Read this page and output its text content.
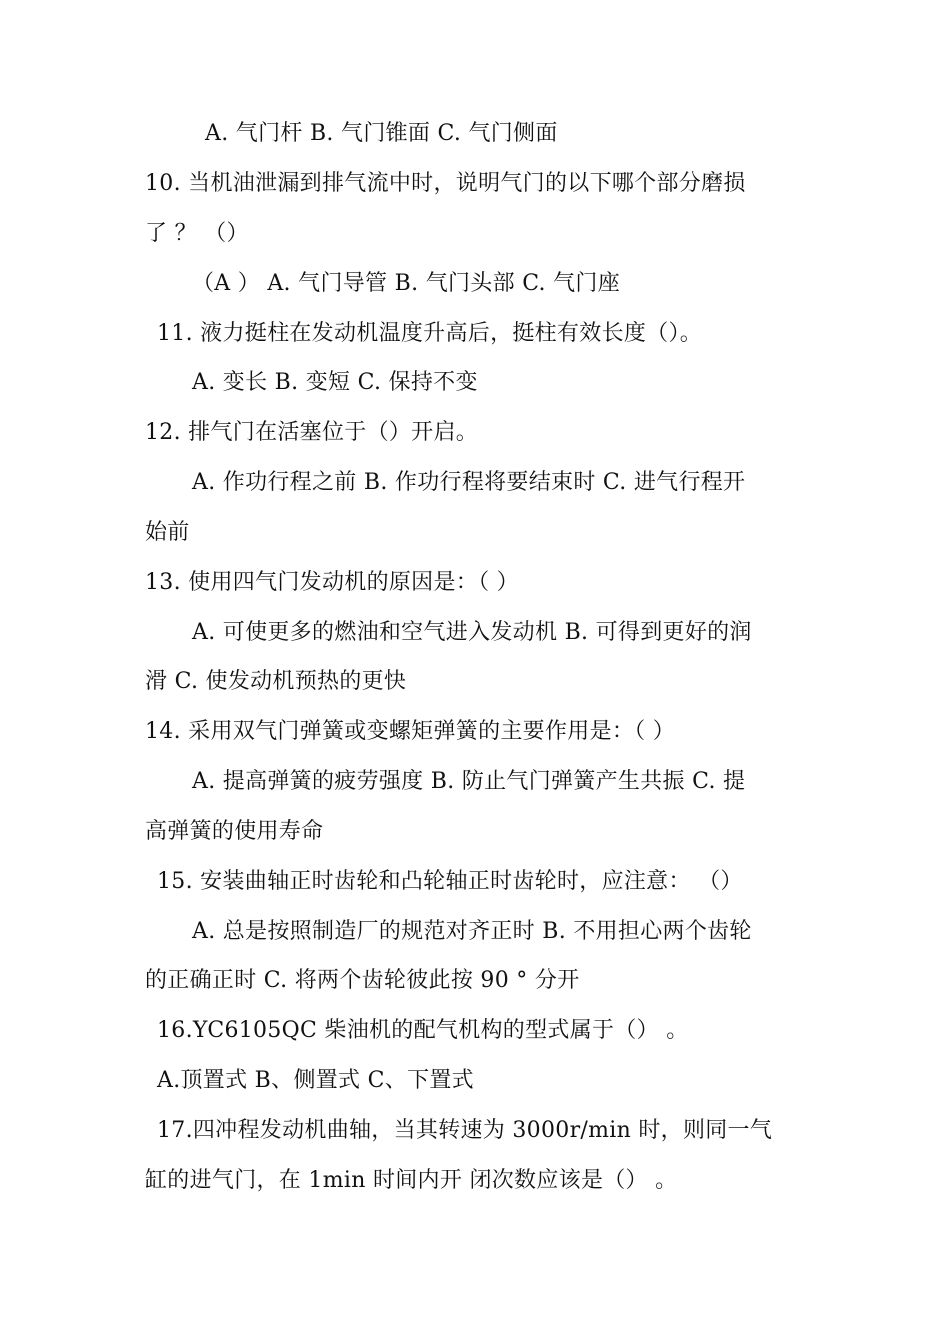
A. 气门杆 B. 气门锥面 C. 气门侧面
10. 当机油泄漏到排气流中时，说明气门的以下哪个部分磨损
了 ？ （）
（A ） A. 气门导管 B. 气门头部 C. 气门座
11. 液力挺柱在发动机温度升高后，挺柱有效长度（）。
A. 变长 B. 变短 C. 保持不变
12. 排气门在活塞位于（）开启。
A. 作功行程之前 B. 作功行程将要结束时 C. 进气行程开
始前
13. 使用四气门发动机的原因是：（ ）
A. 可使更多的燃油和空气进入发动机 B. 可得到更好的润
滑 C. 使发动机预热的更快
14. 采用双气门弹簧或变螺矩弹簧的主要作用是：（ ）
A. 提高弹簧的疲劳强度 B. 防止气门弹簧产生共振 C. 提
高弹簧的使用寿命
15. 安装曲轴正时齿轮和凸轮轴正时齿轮时，应注意： （）
A. 总是按照制造厂的规范对齐正时 B. 不用担心两个齿轮
的正确正时 C. 将两个齿轮彼此按 90 ° 分开
16.YC6105QC 柴油机的配气机构的型式属于（） 。
A.顶置式 B、侧置式 C、下置式
17.四冲程发动机曲轴，当其转速为 3000r/min 时，则同一气
缸的进气门，在 1min 时间内开 闭次数应该是（） 。
